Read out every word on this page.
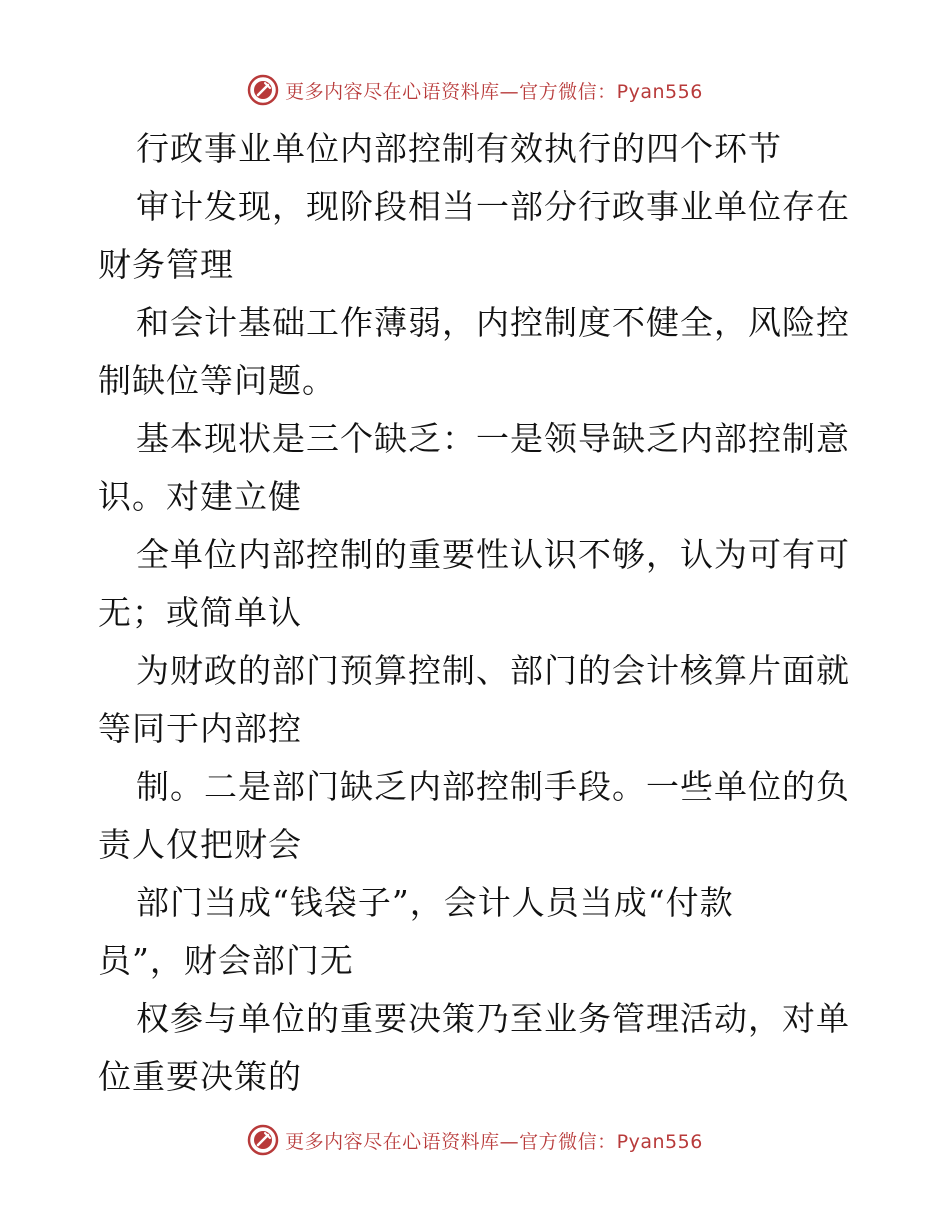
更多内容尽在心语资料库—官方微信：Pyan556
行政事业单位内部控制有效执行的四个环节
审计发现，现阶段相当一部分行政事业单位存在
财务管理
和会计基础工作薄弱，内控制度不健全，风险控
制缺位等问题。
基本现状是三个缺乏：一是领导缺乏内部控制意
识。对建立健
全单位内部控制的重要性认识不够，认为可有可
无；或简单认
为财政的部门预算控制、部门的会计核算片面就
等同于内部控
制。二是部门缺乏内部控制手段。一些单位的负
责人仅把财会
部门当成“钱袋子”，会计人员当成“付款
员”，财会部门无
权参与单位的重要决策乃至业务管理活动，对单
位重要决策的
更多内容尽在心语资料库—官方微信：Pyan556
